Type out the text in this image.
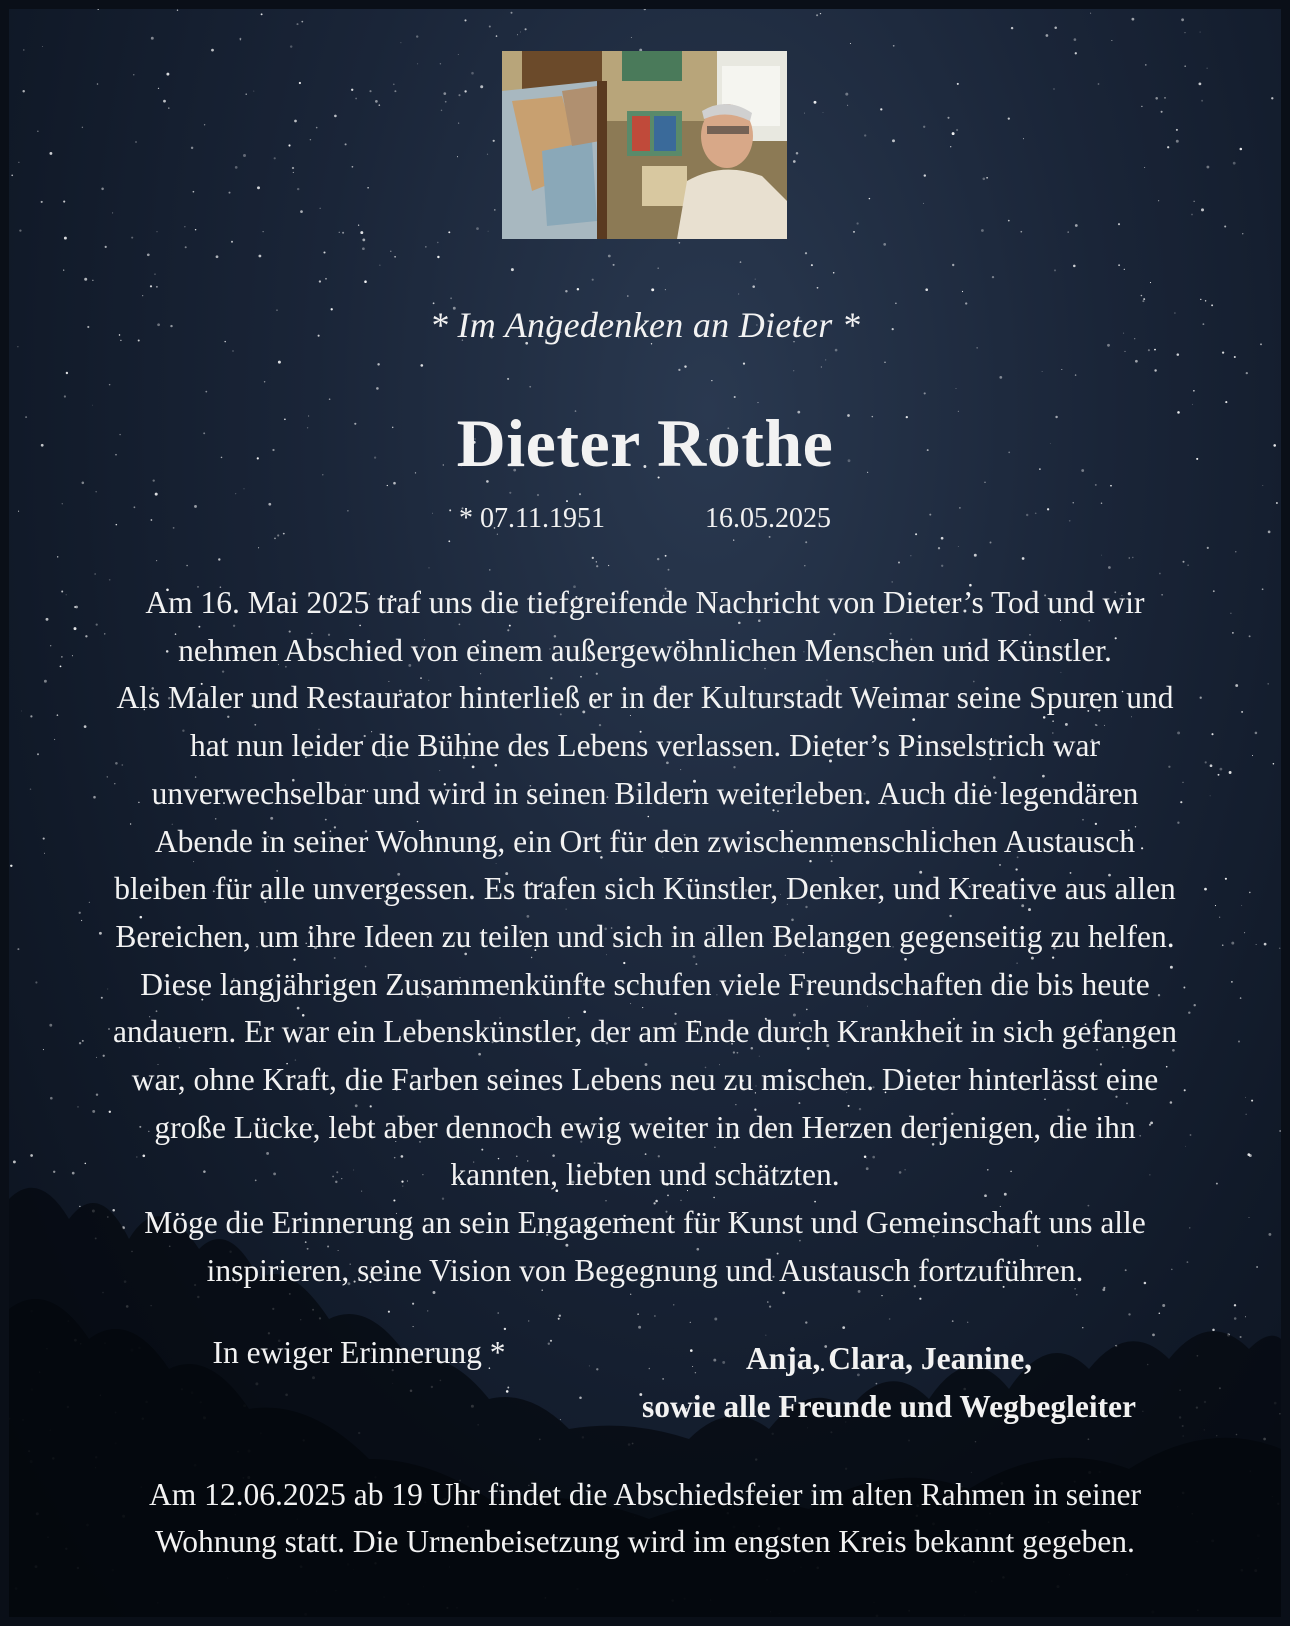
* Im Angedenken an Dieter *
Dieter Rothe
* 07.11.1951	16.05.2025

Am 16. Mai 2025 traf uns die tiefgreifende Nachricht von Dieter’s Tod und wir

nehmen Abschied von einem außergewöhnlichen Menschen und Künstler.

Als Maler und Restaurator hinterließ er in der Kulturstadt Weimar seine Spuren und

hat nun leider die Bühne des Lebens verlassen. Dieter’s Pinselstrich war

unverwechselbar und wird in seinen Bildern weiterleben. Auch die legendären

Abende in seiner Wohnung, ein Ort für den zwischenmenschlichen Austausch

bleiben für alle unvergessen. Es trafen sich Künstler, Denker, und Kreative aus allen

Bereichen, um ihre Ideen zu teilen und sich in allen Belangen gegenseitig zu helfen.

Diese langjährigen Zusammenkünfte schufen viele Freundschaften die bis heute

andauern. Er war ein Lebenskünstler, der am Ende durch Krankheit in sich gefangen

war, ohne Kraft, die Farben seines Lebens neu zu mischen. Dieter hinterlässt eine

große Lücke, lebt aber dennoch ewig weiter in den Herzen derjenigen, die ihn

kannten, liebten und schätzten.

Möge die Erinnerung an sein Engagement für Kunst und Gemeinschaft uns alle

inspirieren, seine Vision von Begegnung und Austausch fortzuführen.

In ewiger Erinnerung *	Anja, Clara, Jeanine,
sowie alle Freunde und Wegbegleiter

Am 12.06.2025 ab 19 Uhr findet die Abschiedsfeier im alten Rahmen in seiner

Wohnung statt. Die Urnenbeisetzung wird im engsten Kreis bekannt gegeben.
